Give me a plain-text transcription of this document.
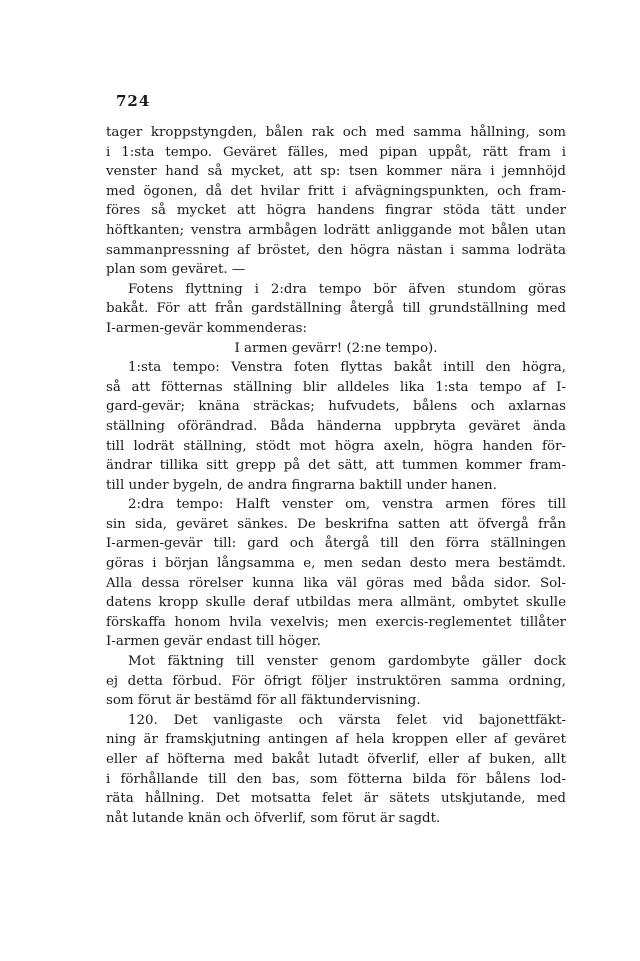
724
tager kroppstyngden, bålen rak och med samma hållning, som
i 1:sta tempo. Geväret fälles, med pipan uppåt, rätt fram i
venster hand så mycket, att sp: tsen kommer nära i jemnhöjd
med ögonen, då det hvilar fritt i afvägningspunkten, och fram-
föres så mycket att högra handens fingrar stöda tätt under
höftkanten; venstra armbågen lodrätt anliggande mot bålen utan
sammanpressning af bröstet, den högra nästan i samma lodräta
plan som geväret. —
Fotens flyttning i 2:dra tempo bör äfven stundom göras
bakåt. För att från gardställning återgå till grundställning med
I-armen-gevär kommenderas:
I armen gevärr! (2:ne tempo).
1:sta tempo: Venstra foten flyttas bakåt intill den högra,
så att fötternas ställning blir alldeles lika 1:sta tempo af I-
gard-gevär; knäna sträckas; hufvudets, bålens och axlarnas
ställning oförändrad. Båda händerna uppbryta geväret ända
till lodrät ställning, stödt mot högra axeln, högra handen för-
ändrar tillika sitt grepp på det sätt, att tummen kommer fram-
till under bygeln, de andra fingrarna baktill under hanen.
2:dra tempo: Halft venster om, venstra armen föres till
sin sida, geväret sänkes. De beskrifna satten att öfvergå från
I-armen-gevär till: gard och återgå till den förra ställningen
göras i början långsamma e, men sedan desto mera bestämdt.
Alla dessa rörelser kunna lika väl göras med båda sidor. Sol-
datens kropp skulle deraf utbildas mera allmänt, ombytet skulle
förskaffa honom hvila vexelvis; men exercis-reglementet tillåter
I-armen gevär endast till höger.
Mot fäktning till venster genom gardombyte gäller dock
ej detta förbud. För öfrigt följer instruktören samma ordning,
som förut är bestämd för all fäktundervisning.
120. Det vanligaste och värsta felet vid bajonettfäkt-
ning är framskjutning antingen af hela kroppen eller af geväret
eller af höfterna med bakåt lutadt öfverlif, eller af buken, allt
i förhållande till den bas, som fötterna bilda för bålens lod-
räta hållning. Det motsatta felet är sätets utskjutande, med
nåt lutande knän och öfverlif, som förut är sagdt.
